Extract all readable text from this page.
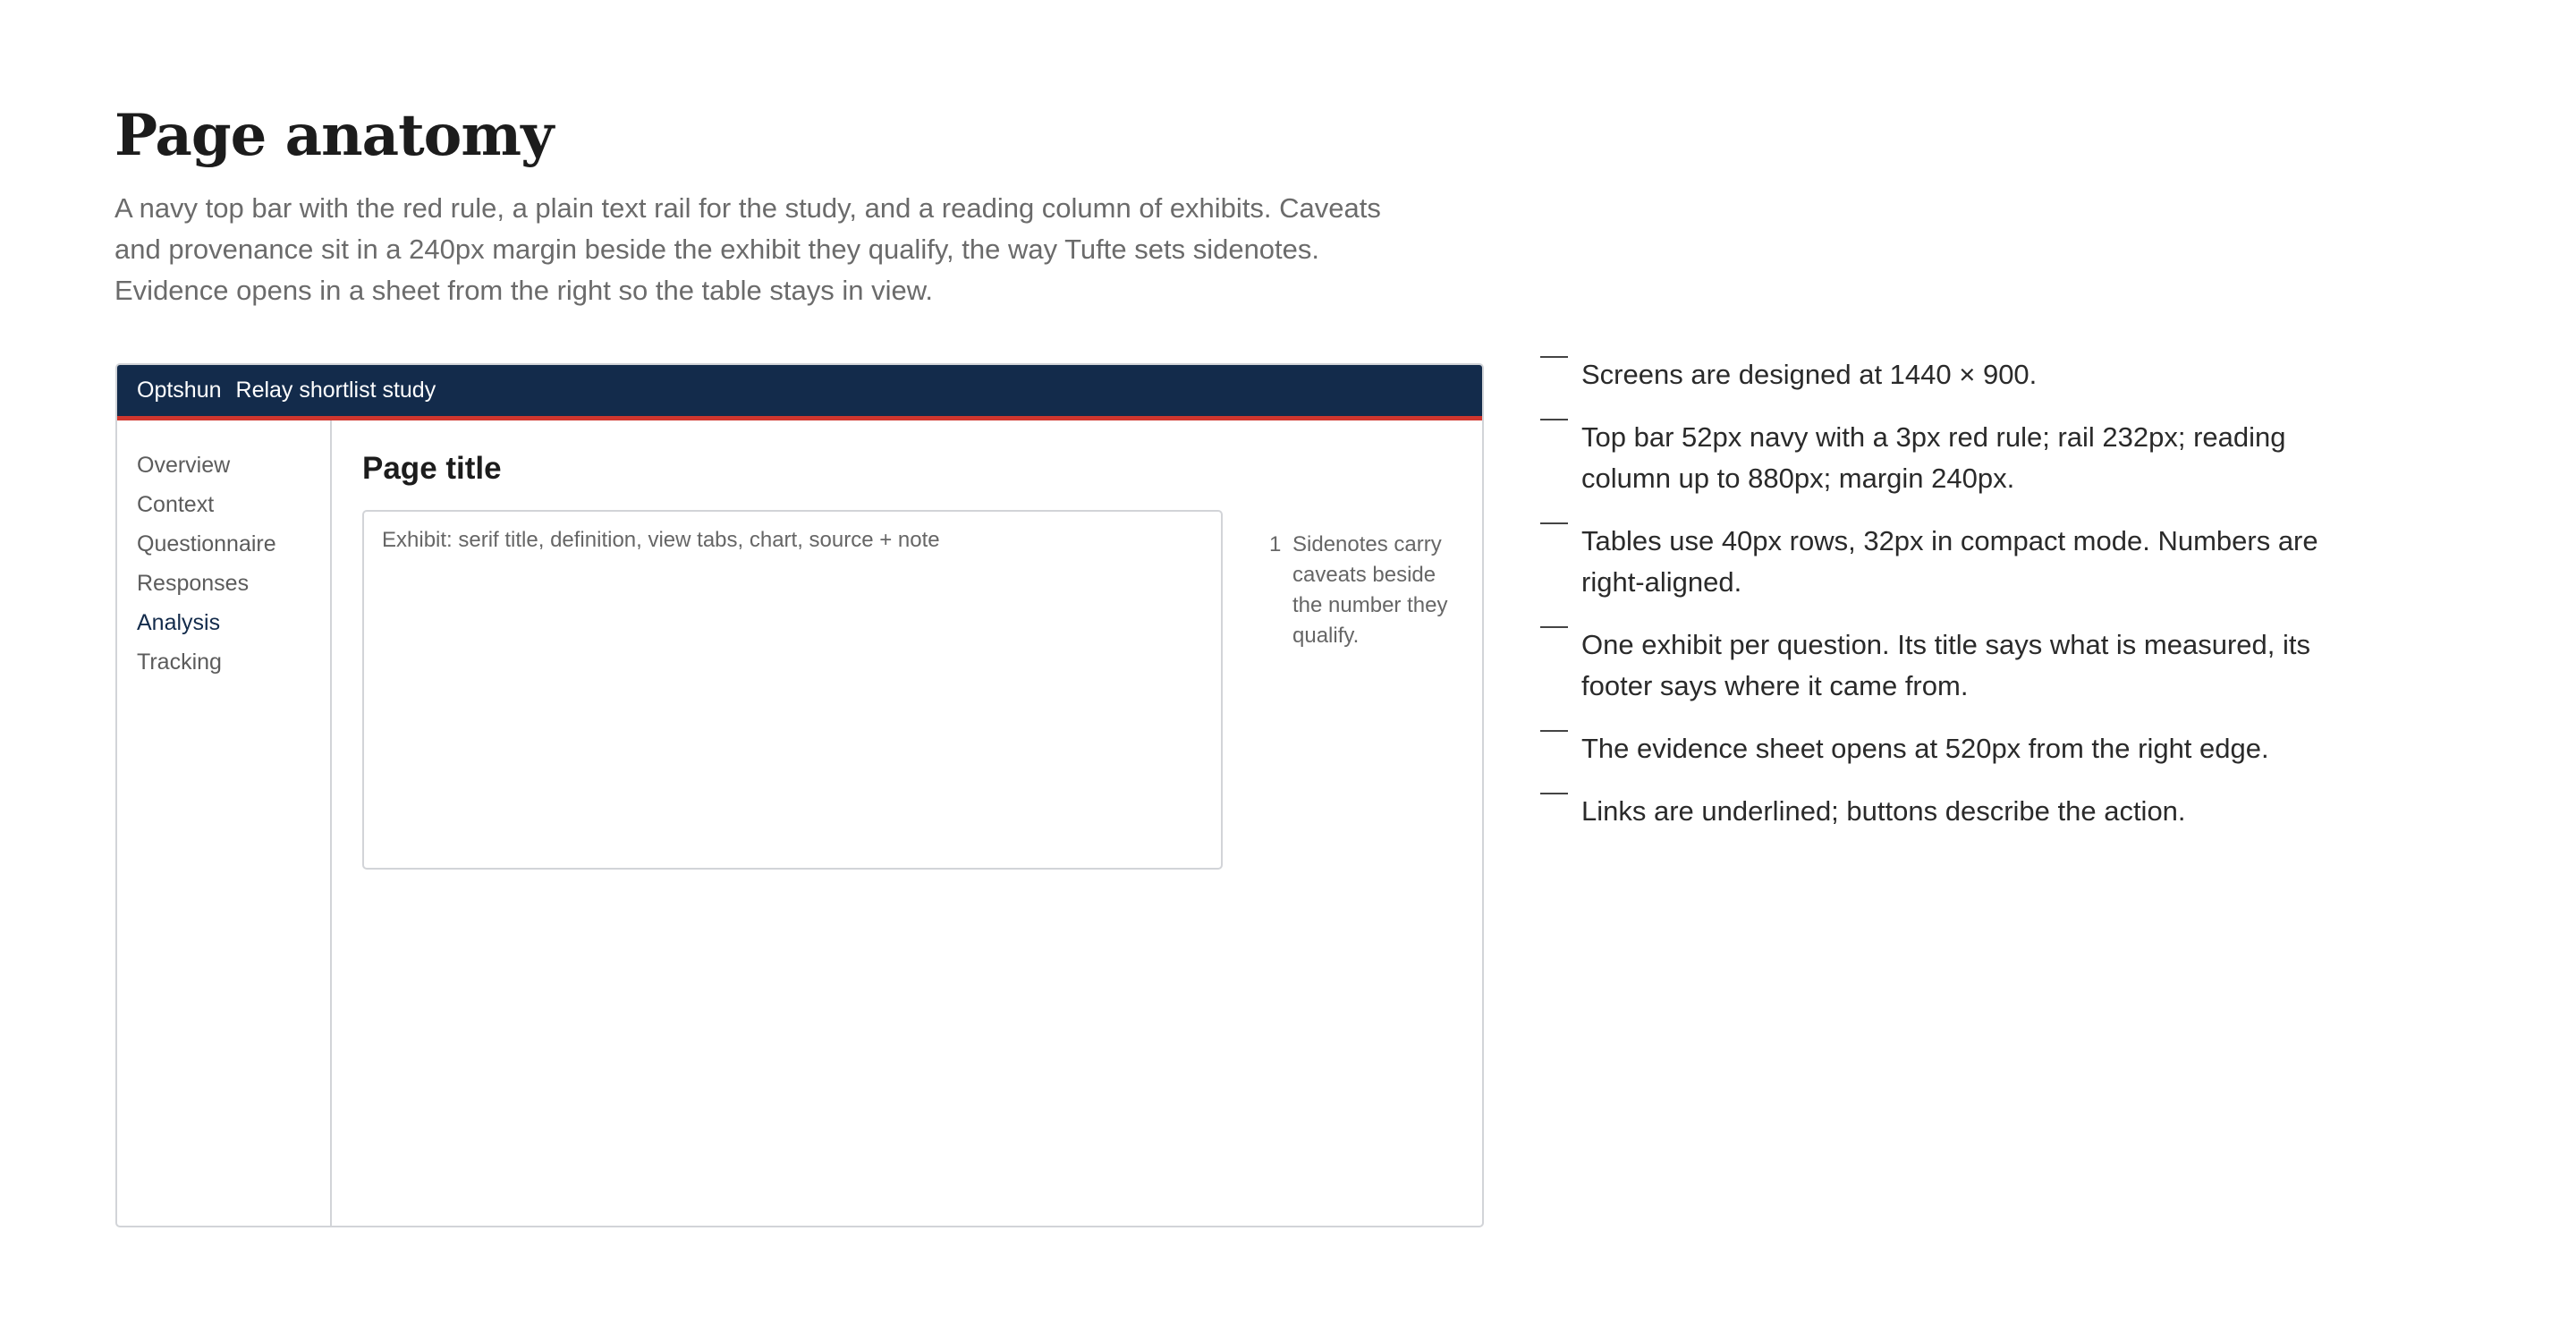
Page anatomy

A navy top bar with the red rule, a plain text rail for the study, and a reading column of exhibits. Caveats and provenance sit in a 240px margin beside the exhibit they qualify, the way Tufte sets sidenotes. Evidence opens in a sheet from the right so the table stays in view.

Optshun Relay shortlist study
Overview
Context
Questionnaire
Responses
Analysis
Tracking
Page title
Exhibit: serif title, definition, view tabs, chart, source + note	1 Sidenotes carry caveats beside the number they qualify.
—
Screens are designed at 1440 × 900.
—
Top bar 52px navy with a 3px red rule; rail 232px; reading column up to 880px; margin 240px.
—
Tables use 40px rows, 32px in compact mode. Numbers are right-aligned.
—
One exhibit per question. Its title says what is measured, its footer says where it came from.
—
The evidence sheet opens at 520px from the right edge.
—
Links are underlined; buttons describe the action.
